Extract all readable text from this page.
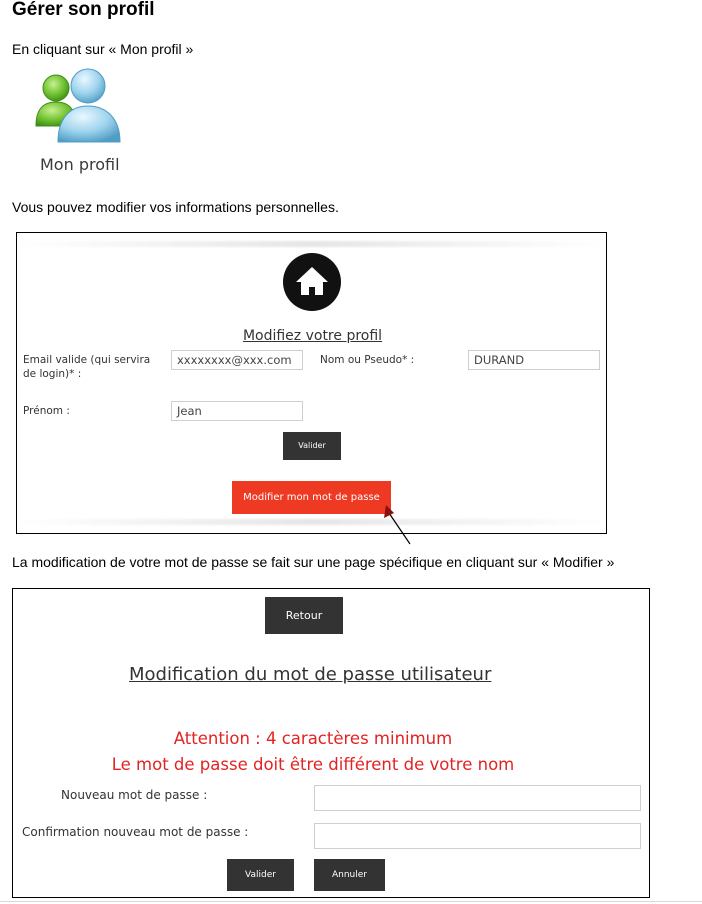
Gérer son profil
En cliquant sur « Mon profil »
Mon profil
Vous pouvez modifier vos informations personnelles.
Modifiez votre profil
Email valide (qui servira de login)* :
xxxxxxxx@xxx.com	Nom ou Pseudo* :	DURAND
Prénom :	Jean
Valider
Modifier mon mot de passe
La modification de votre mot de passe se fait sur une page spécifique en cliquant sur « Modifier »
Retour
Modification du mot de passe utilisateur
Attention : 4 caractères minimum
Le mot de passe doit être différent de votre nom
Nouveau mot de passe :
Confirmation nouveau mot de passe :
Valider	Annuler
